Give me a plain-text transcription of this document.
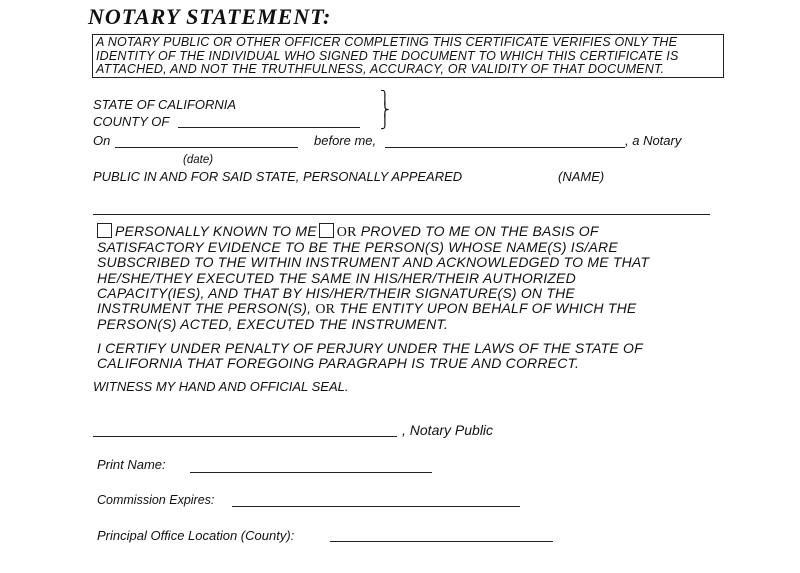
NOTARY STATEMENT:
A NOTARY PUBLIC OR OTHER OFFICER COMPLETING THIS CERTIFICATE VERIFIES ONLY THE
IDENTITY OF THE INDIVIDUAL WHO SIGNED THE DOCUMENT TO WHICH THIS CERTIFICATE IS
ATTACHED, AND NOT THE TRUTHFULNESS, ACCURACY, OR VALIDITY OF THAT DOCUMENT.
STATE OF CALIFORNIA
COUNTY OF
⎫
⎬
⎭
On	before me,	, a Notary
(date)
PUBLIC IN AND FOR SAID STATE, PERSONALLY APPEARED	(NAME)
PERSONALLY KNOWN TO ME OR PROVED TO ME ON THE BASIS OF
SATISFACTORY EVIDENCE TO BE THE PERSON(S) WHOSE NAME(S) IS/ARE
SUBSCRIBED TO THE WITHIN INSTRUMENT AND ACKNOWLEDGED TO ME THAT
HE/SHE/THEY EXECUTED THE SAME IN HIS/HER/THEIR AUTHORIZED
CAPACITY(IES), AND THAT BY HIS/HER/THEIR SIGNATURE(S) ON THE
INSTRUMENT THE PERSON(S), OR THE ENTITY UPON BEHALF OF WHICH THE
PERSON(S) ACTED, EXECUTED THE INSTRUMENT.
I CERTIFY UNDER PENALTY OF PERJURY UNDER THE LAWS OF THE STATE OF
CALIFORNIA THAT FOREGOING PARAGRAPH IS TRUE AND CORRECT.
WITNESS MY HAND AND OFFICIAL SEAL.
, Notary Public
Print Name:
Commission Expires:
Principal Office Location (County):
